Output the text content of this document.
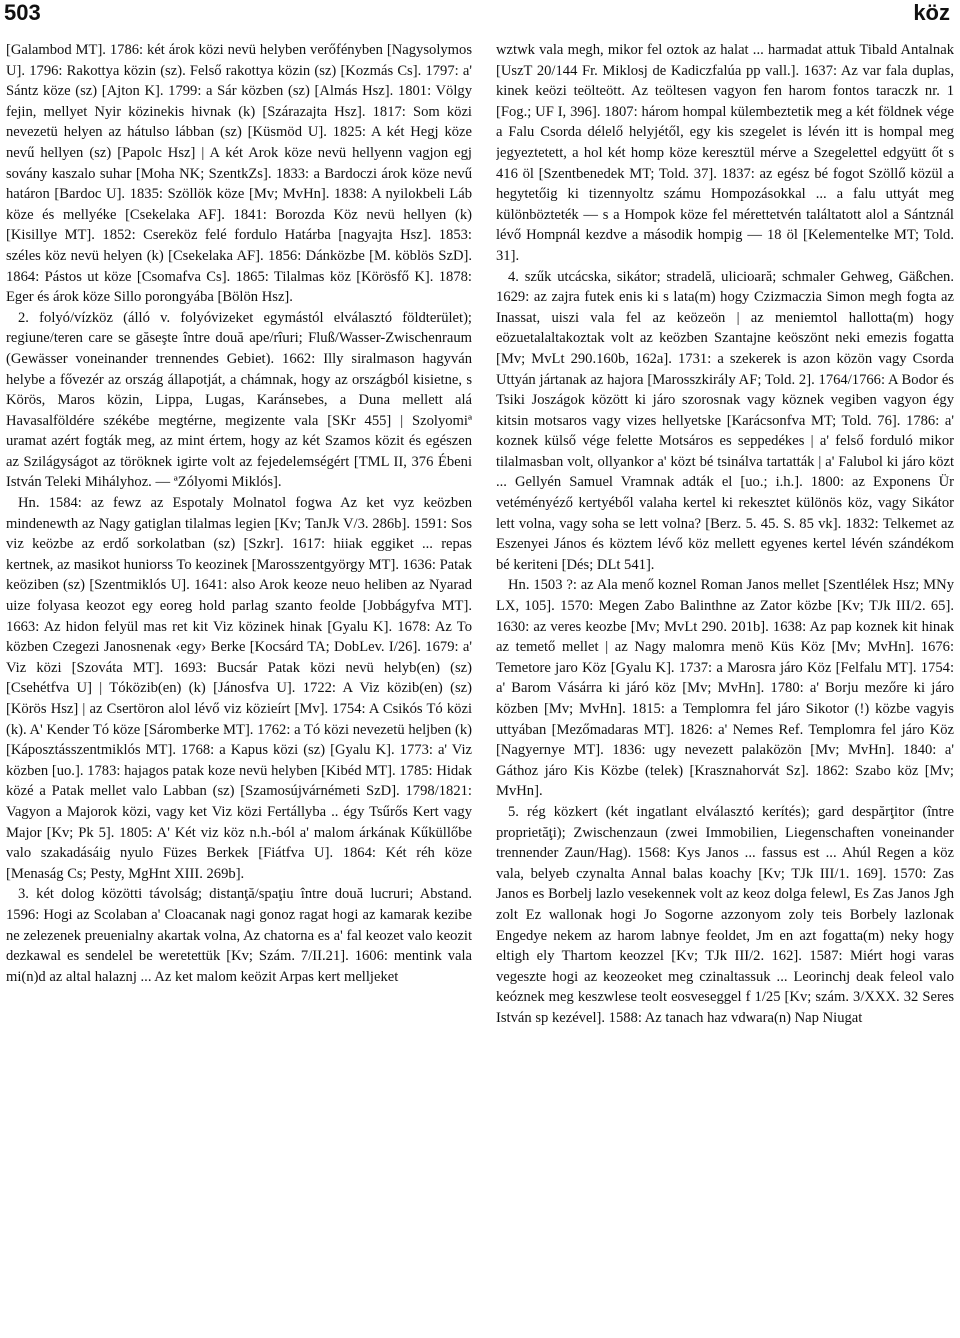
503	köz

[Galambod MT]. 1786: két árok közi nevü helyben verőfényben [Nagysolymos U]. 1796: Rakottya közin (sz). Felső rakottya közin (sz) [Kozmás Cs]. 1797: a' Sántz köze (sz) [Ajton K]. 1799: a Sár közben (sz) [Almás Hsz]. 1801: Völgy fejin, mellyet Nyir közinekis hivnak (k) [Szárazajta Hsz]. 1817: Som közi nevezetü helyen az hátulso lábban (sz) [Küsmöd U]. 1825: A két Hegj köze nevű hellyen (sz) [Papolc Hsz] | A két Arok köze nevü hellyenn vagjon egj sovány kaszalo suhar [Moha NK; SzentkZs]. 1833: a Bardoczi árok köze nevű határon [Bardoc U]. 1835: Szöllök köze [Mv; MvHn]. 1838: A nyilokbeli Láb köze és mellyéke [Csekelaka AF]. 1841: Borozda Köz nevü hellyen (k) [Kisillye MT]. 1852: Csereköz felé fordulo Határba [nagyajta Hsz]. 1853: széles köz nevü helyen (k) [Csekelaka AF]. 1856: Dánközbe [M. köblös SzD]. 1864: Pástos ut köze [Csomafva Cs]. 1865: Tilalmas köz [Körösfő K]. 1878: Eger és árok köze Sillo porongyába [Bölön Hsz].

2. folyó/vízköz (álló v. folyóvizeket egymástól elválasztó földterület); regiune/teren care se găseşte între două ape/rîuri; Fluß/Wasser-Zwischenraum (Gewässer voneinander trennendes Gebiet). 1662: Illy siralmason hagyván helybe a fővezér az ország állapotját, a chámnak, hogy az országból kisietne, s Körös, Maros közin, Lippa, Lugas, Karánsebes, a Duna mellett alá Havasalföldére székébe megtérne, megizente vala [SKr 455] | Szolyomiª uramat azért fogták meg, az mint értem, hogy az két Szamos közit és egészen az Szilágyságot az töröknek igirte volt az fejedelemségért [TML II, 376 Ébeni István Teleki Mihályhoz. — ªZólyomi Miklós].

Hn. 1584: az fewz az Espotaly Molnatol fogwa Az ket vyz keözben mindenewth az Nagy gatiglan tilalmas legien [Kv; TanJk V/3. 286b]. 1591: Sos viz keözbe az erdő sorkolatban (sz) [Szkr]. 1617: hiiak eggiket ... repas kertnek, az masikot huniorss To keozinek [Marosszentgyörgy MT]. 1636: Patak keöziben (sz) [Szentmiklós U]. 1641: also Arok keoze neuo heliben az Nyarad uize folyasa keozot egy eoreg hold parlag szanto feolde [Jobbágyfva MT]. 1663: Az hidon felyül mas ret kit Viz közinek hinak [Gyalu K]. 1678: Az To közben Czegezi Janosnenak ‹egy› Berke [Kocsárd TA; DobLev. I/26]. 1679: a' Viz közi [Szováta MT]. 1693: Bucsár Patak közi nevü helyb(en) (sz) [Csehétfva U] | Tóközib(en) (k) [Jánosfva U]. 1722: A Viz közib(en) (sz) [Körös Hsz] | az Csertöron alol lévő viz közieírt [Mv]. 1754: A Csikós Tó közi (k). A' Kender Tó köze [Sáromberke MT]. 1762: a Tó közi nevezetü heljben (k) [Káposztásszentmiklós MT]. 1768: a Kapus közi (sz) [Gyalu K]. 1773: a' Viz közben [uo.]. 1783: hajagos patak koze nevü helyben [Kibéd MT]. 1785: Hidak közé a Patak mellet valo Labban (sz) [Szamosújvárnémeti SzD]. 1798/1821: Vagyon a Majorok közi, vagy ket Viz közi Fertállyba .. égy Tsűrős Kert vagy Major [Kv; Pk 5]. 1805: A' Két viz köz n.h.-ból a' malom árkának Kűküllőbe valo szakadásáig nyulo Füzes Berkek [Fiátfva U]. 1864: Két réh köze [Menaság Cs; Pesty, MgHnt XIII. 269b].

3. két dolog közötti távolság; distanţă/spaţiu între două lucruri; Abstand. 1596: Hogi az Scolaban a' Cloacanak nagi gonoz ragat hogi az kamarak kezibe ne zelezenek preuenialny akartak volna, Az chatorna es a' fal keozet valo keozit dezkawal es sendelel be weretettük [Kv; Szám. 7/II.21]. 1606: mentink vala mi(n)d az altal halaznj ... Az ket malom keözit Arpas kert melljeket

wztwk vala megh, mikor fel oztok az halat ... harmadat attuk Tibald Antalnak [UszT 20/144 Fr. Miklosj de Kadiczfalúa pp vall.]. 1637: Az var fala duplas, kinek keözi teölteött. Az teöltesen vagyon fen harom fontos taraczk nr. 1 [Fog.; UF I, 396]. 1807: három hompal külembeztetik meg a két földnek vége a Falu Csorda délelő helyjétől, egy kis szegelet is lévén itt is hompal meg jegyeztetett, a hol két homp köze keresztül mérve a Szegelettel edgyütt őt s 416 öl [Szentbenedek MT; Told. 37]. 1837: az egész bé fogot Szöllő közül a hegytetőig ki tizennyoltz számu Hompozásokkal ... a falu uttyát meg különbözteték — s a Hompok köze fel mérettetvén találtatott alol a Sántznál lévő Hompnál kezdve a második hompig — 18 öl [Kelementelke MT; Told. 31].

4. szűk utcácska, sikátor; stradelă, ulicioară; schmaler Gehweg, Gäßchen. 1629: az zajra futek enis ki s lata(m) hogy Czizmaczia Simon megh fogta az Inassat, uiszi vala fel az keözeön | az meniemtol hallotta(m) hogy eözuetalaltakoztak volt az keözben Szantajne keöszönt neki emezis fogatta [Mv; MvLt 290.160b, 162a]. 1731: a szekerek is azon közön vagy Csorda Uttyán jártanak az hajora [Marosszkirály AF; Told. 2]. 1764/1766: A Bodor és Tsiki Joszágok között ki járo szorosnak vagy köznek vegiben vagyon égy kitsin motsaros vagy vizes hellyetske [Karácsonfva MT; Told. 76]. 1786: a' koznek külső vége felette Motsáros es seppedékes | a' felső forduló mikor tilalmasban volt, ollyankor a' közt bé tsinálva tartatták | a' Falubol ki járo közt ... Gellyén Samuel Vramnak adták el [uo.; i.h.]. 1800: az Exponens Ür vetéményéző kertyéből valaha kertel ki rekesztet különös köz, vagy Sikátor lett volna, vagy soha se lett volna? [Berz. 5. 45. S. 85 vk]. 1832: Telkemet az Eszenyei János és köztem lévő köz mellett egyenes kertel lévén szándékom bé keriteni [Dés; DLt 541].

Hn. 1503 ?: az Ala menő koznel Roman Janos mellet [Szentlélek Hsz; MNy LX, 105]. 1570: Megen Zabo Balinthne az Zator közbe [Kv; TJk III/2. 65]. 1630: az veres keozbe [Mv; MvLt 290. 201b]. 1638: Az pap koznek kit hinak az temető mellet | az Nagy malomra menö Küs Köz [Mv; MvHn]. 1676: Temetore jaro Köz [Gyalu K]. 1737: a Marosra járo Köz [Felfalu MT]. 1754: a' Barom Vásárra ki járó köz [Mv; MvHn]. 1780: a' Borju mezőre ki járo közben [Mv; MvHn]. 1815: a Templomra fel járo Sikotor (!) közbe vagyis uttyában [Mezőmadaras MT]. 1826: a' Nemes Ref. Templomra fel járo Köz [Nagyernye MT]. 1836: ugy nevezett palaközön [Mv; MvHn]. 1840: a' Gáthoz járo Kis Közbe (telek) [Krasznahorvát Sz]. 1862: Szabo köz [Mv; MvHn].

5. rég közkert (két ingatlant elválasztó kerítés); gard despărţitor (între proprietăţi); Zwischenzaun (zwei Immobilien, Liegenschaften voneinander trennender Zaun/Hag). 1568: Kys Janos ... fassus est ... Ahúl Regen a köz vala, belyeb czynalta Annal balas koachy [Kv; TJk III/1. 169]. 1570: Zas Janos es Borbelj lazlo vesekennek volt az keoz dolga felewl, Es Zas Janos Jgh zolt Ez wallonak hogi Jo Sogorne azzonyom zoly teis Borbely lazlonak Engedye nekem az harom labnye feoldet, Jm en azt fogatta(m) neky hogy eltigh ely Thartom keozzel [Kv; TJk III/2. 162]. 1587: Miért hogi varas vegeszte hogi az keozeoket meg czinaltassuk ... Leorinchj deak feleol valo keóznek meg keszwlese teolt eosveseggel f 1/25 [Kv; szám. 3/XXX. 32 Seres István sp kezével]. 1588: Az tanach haz vdwara(n) Nap Niugat
